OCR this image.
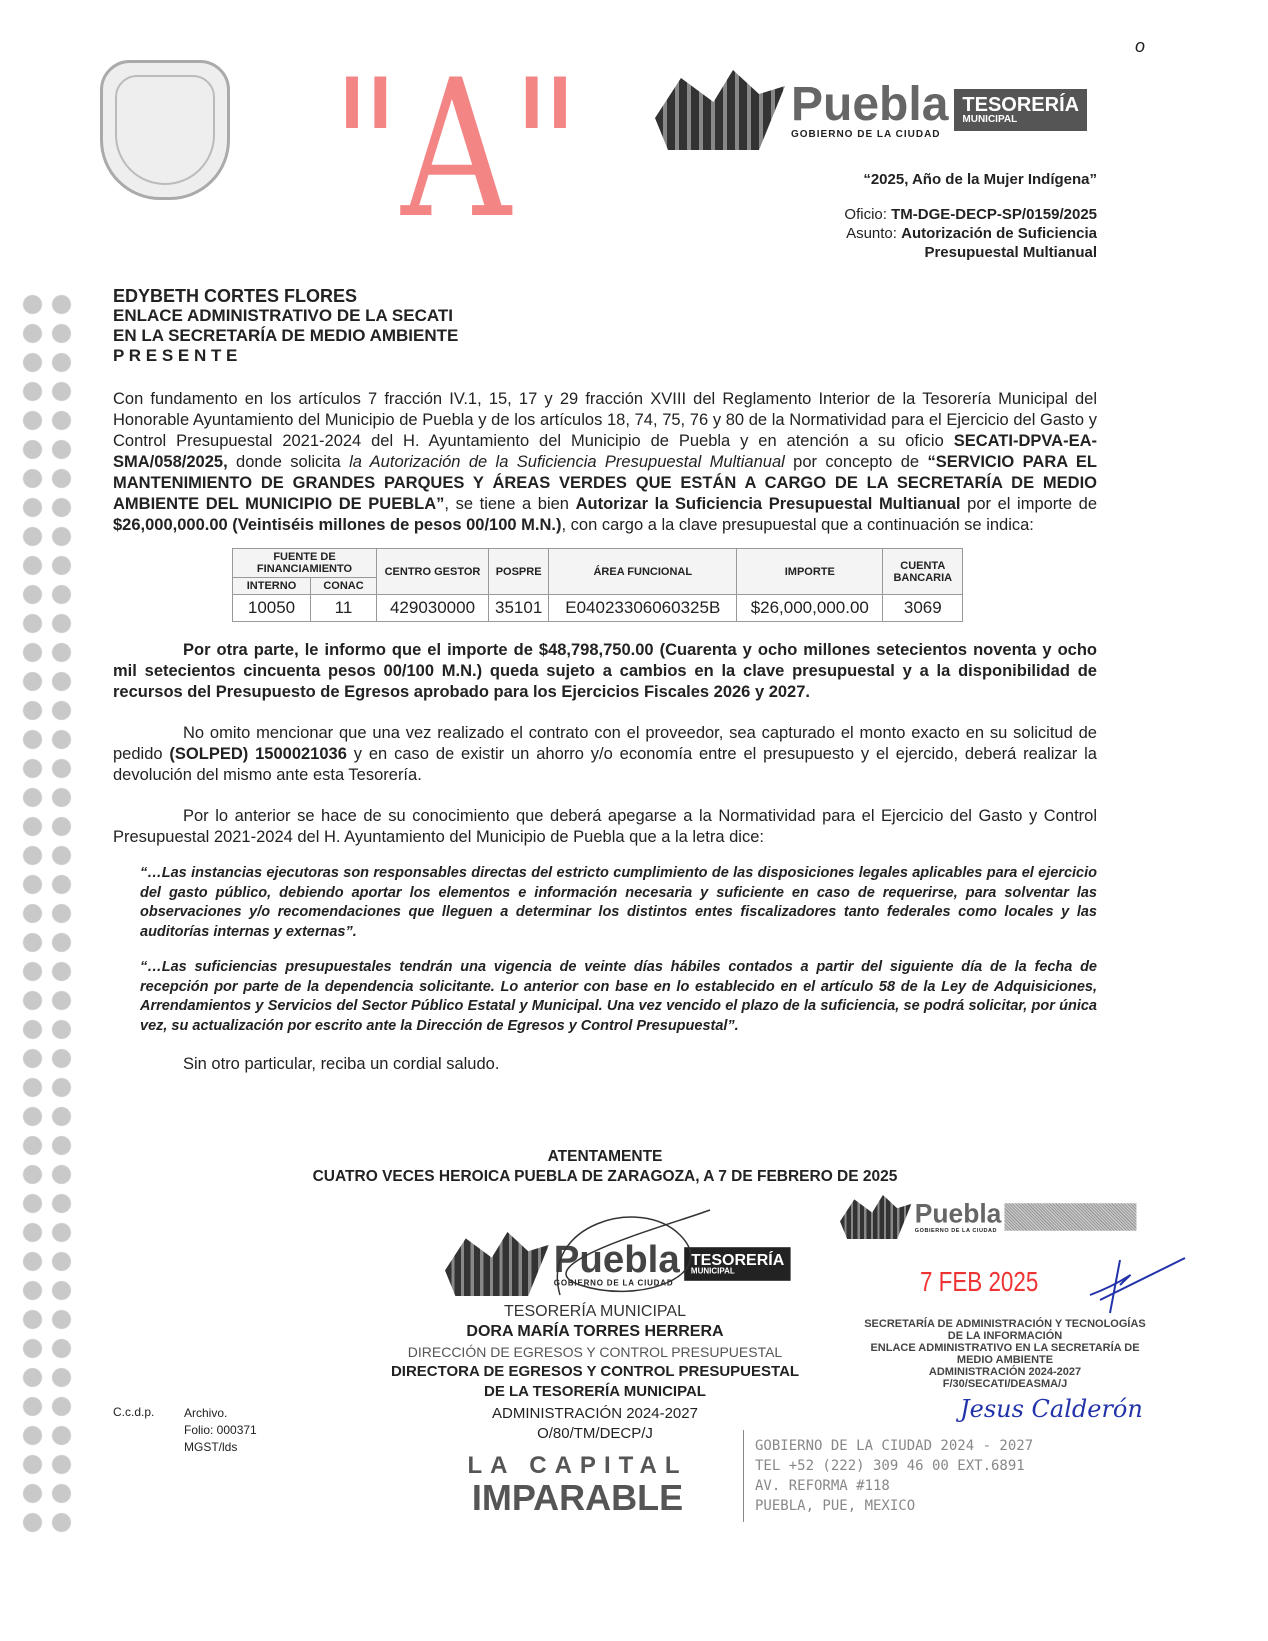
"A"	o
Puebla
GOBIERNO DE LA CIUDAD
TESORERÍA
MUNICIPAL
“2025, Año de la Mujer Indígena”
Oficio: TM-DGE-DECP-SP/0159/2025
Asunto: Autorización de Suficiencia
Presupuestal Multianual
EDYBETH CORTES FLORES
ENLACE ADMINISTRATIVO DE LA SECATI
EN LA SECRETARÍA DE MEDIO AMBIENTE
P R E S E N T E

Con fundamento en los artículos 7 fracción IV.1, 15, 17 y 29 fracción XVIII del Reglamento Interior de la Tesorería Municipal del Honorable Ayuntamiento del Municipio de Puebla y de los artículos 18, 74, 75, 76 y 80 de la Normatividad para el Ejercicio del Gasto y Control Presupuestal 2021-2024 del H. Ayuntamiento del Municipio de Puebla y en atención a su oficio SECATI-DPVA-EA-SMA/058/2025, donde solicita la Autorización de la Suficiencia Presupuestal Multianual por concepto de “SERVICIO PARA EL MANTENIMIENTO DE GRANDES PARQUES Y ÁREAS VERDES QUE ESTÁN A CARGO DE LA SECRETARÍA DE MEDIO AMBIENTE DEL MUNICIPIO DE PUEBLA”, se tiene a bien Autorizar la Suficiencia Presupuestal Multianual por el importe de $26,000,000.00 (Veintiséis millones de pesos 00/100 M.N.), con cargo a la clave presupuestal que a continuación se indica:

FUENTE DE FINANCIAMIENTO		CENTRO GESTOR	POSPRE	ÁREA FUNCIONAL	IMPORTE	CUENTA BANCARIA
INTERNO	CONAC					
10050	11	429030000	35101	E04023306060325B	$26,000,000.00	3069

Por otra parte, le informo que el importe de $48,798,750.00 (Cuarenta y ocho millones setecientos noventa y ocho mil setecientos cincuenta pesos 00/100 M.N.) queda sujeto a cambios en la clave presupuestal y a la disponibilidad de recursos del Presupuesto de Egresos aprobado para los Ejercicios Fiscales 2026 y 2027.

No omito mencionar que una vez realizado el contrato con el proveedor, sea capturado el monto exacto en su solicitud de pedido (SOLPED) 1500021036 y en caso de existir un ahorro y/o economía entre el presupuesto y el ejercido, deberá realizar la devolución del mismo ante esta Tesorería.

Por lo anterior se hace de su conocimiento que deberá apegarse a la Normatividad para el Ejercicio del Gasto y Control Presupuestal 2021-2024 del H. Ayuntamiento del Municipio de Puebla que a la letra dice:

“…Las instancias ejecutoras son responsables directas del estricto cumplimiento de las disposiciones legales aplicables para el ejercicio del gasto público, debiendo aportar los elementos e información necesaria y suficiente en caso de requerirse, para solventar las observaciones y/o recomendaciones que lleguen a determinar los distintos entes fiscalizadores tanto federales como locales y las auditorías internas y externas”.

“…Las suficiencias presupuestales tendrán una vigencia de veinte días hábiles contados a partir del siguiente día de la fecha de recepción por parte de la dependencia solicitante. Lo anterior con base en lo establecido en el artículo 58 de la Ley de Adquisiciones, Arrendamientos y Servicios del Sector Público Estatal y Municipal. Una vez vencido el plazo de la suficiencia, se podrá solicitar, por única vez, su actualización por escrito ante la Dirección de Egresos y Control Presupuestal”.

Sin otro particular, reciba un cordial saludo.

ATENTAMENTE
CUATRO VECES HEROICA PUEBLA DE ZARAGOZA, A 7 DE FEBRERO DE 2025
Puebla
GOBIERNO DE LA CIUDAD
TESORERÍA
MUNICIPAL
TESORERÍA MUNICIPAL
DORA MARÍA TORRES HERRERA
DIRECCIÓN DE EGRESOS Y CONTROL PRESUPUESTAL
DIRECTORA DE EGRESOS Y CONTROL PRESUPUESTAL
DE LA TESORERÍA MUNICIPAL
ADMINISTRACIÓN 2024-2027
O/80/TM/DECP/J
C.c.d.p. Archivo.
Folio: 000371
MGST/lds
Puebla
GOBIERNO DE LA CIUDAD
7 FEB 2025
SECRETARÍA DE ADMINISTRACIÓN Y TECNOLOGÍAS
DE LA INFORMACIÓN
ENLACE ADMINISTRATIVO EN LA SECRETARÍA DE
MEDIO AMBIENTE
ADMINISTRACIÓN 2024-2027
F/30/SECATI/DEASMA/J
Jesus Calderón
LA CAPITAL
IMPARABLE
GOBIERNO DE LA CIUDAD 2024 - 2027
TEL +52 (222) 309 46 00 EXT.6891
AV. REFORMA #118
PUEBLA, PUE, MEXICO
